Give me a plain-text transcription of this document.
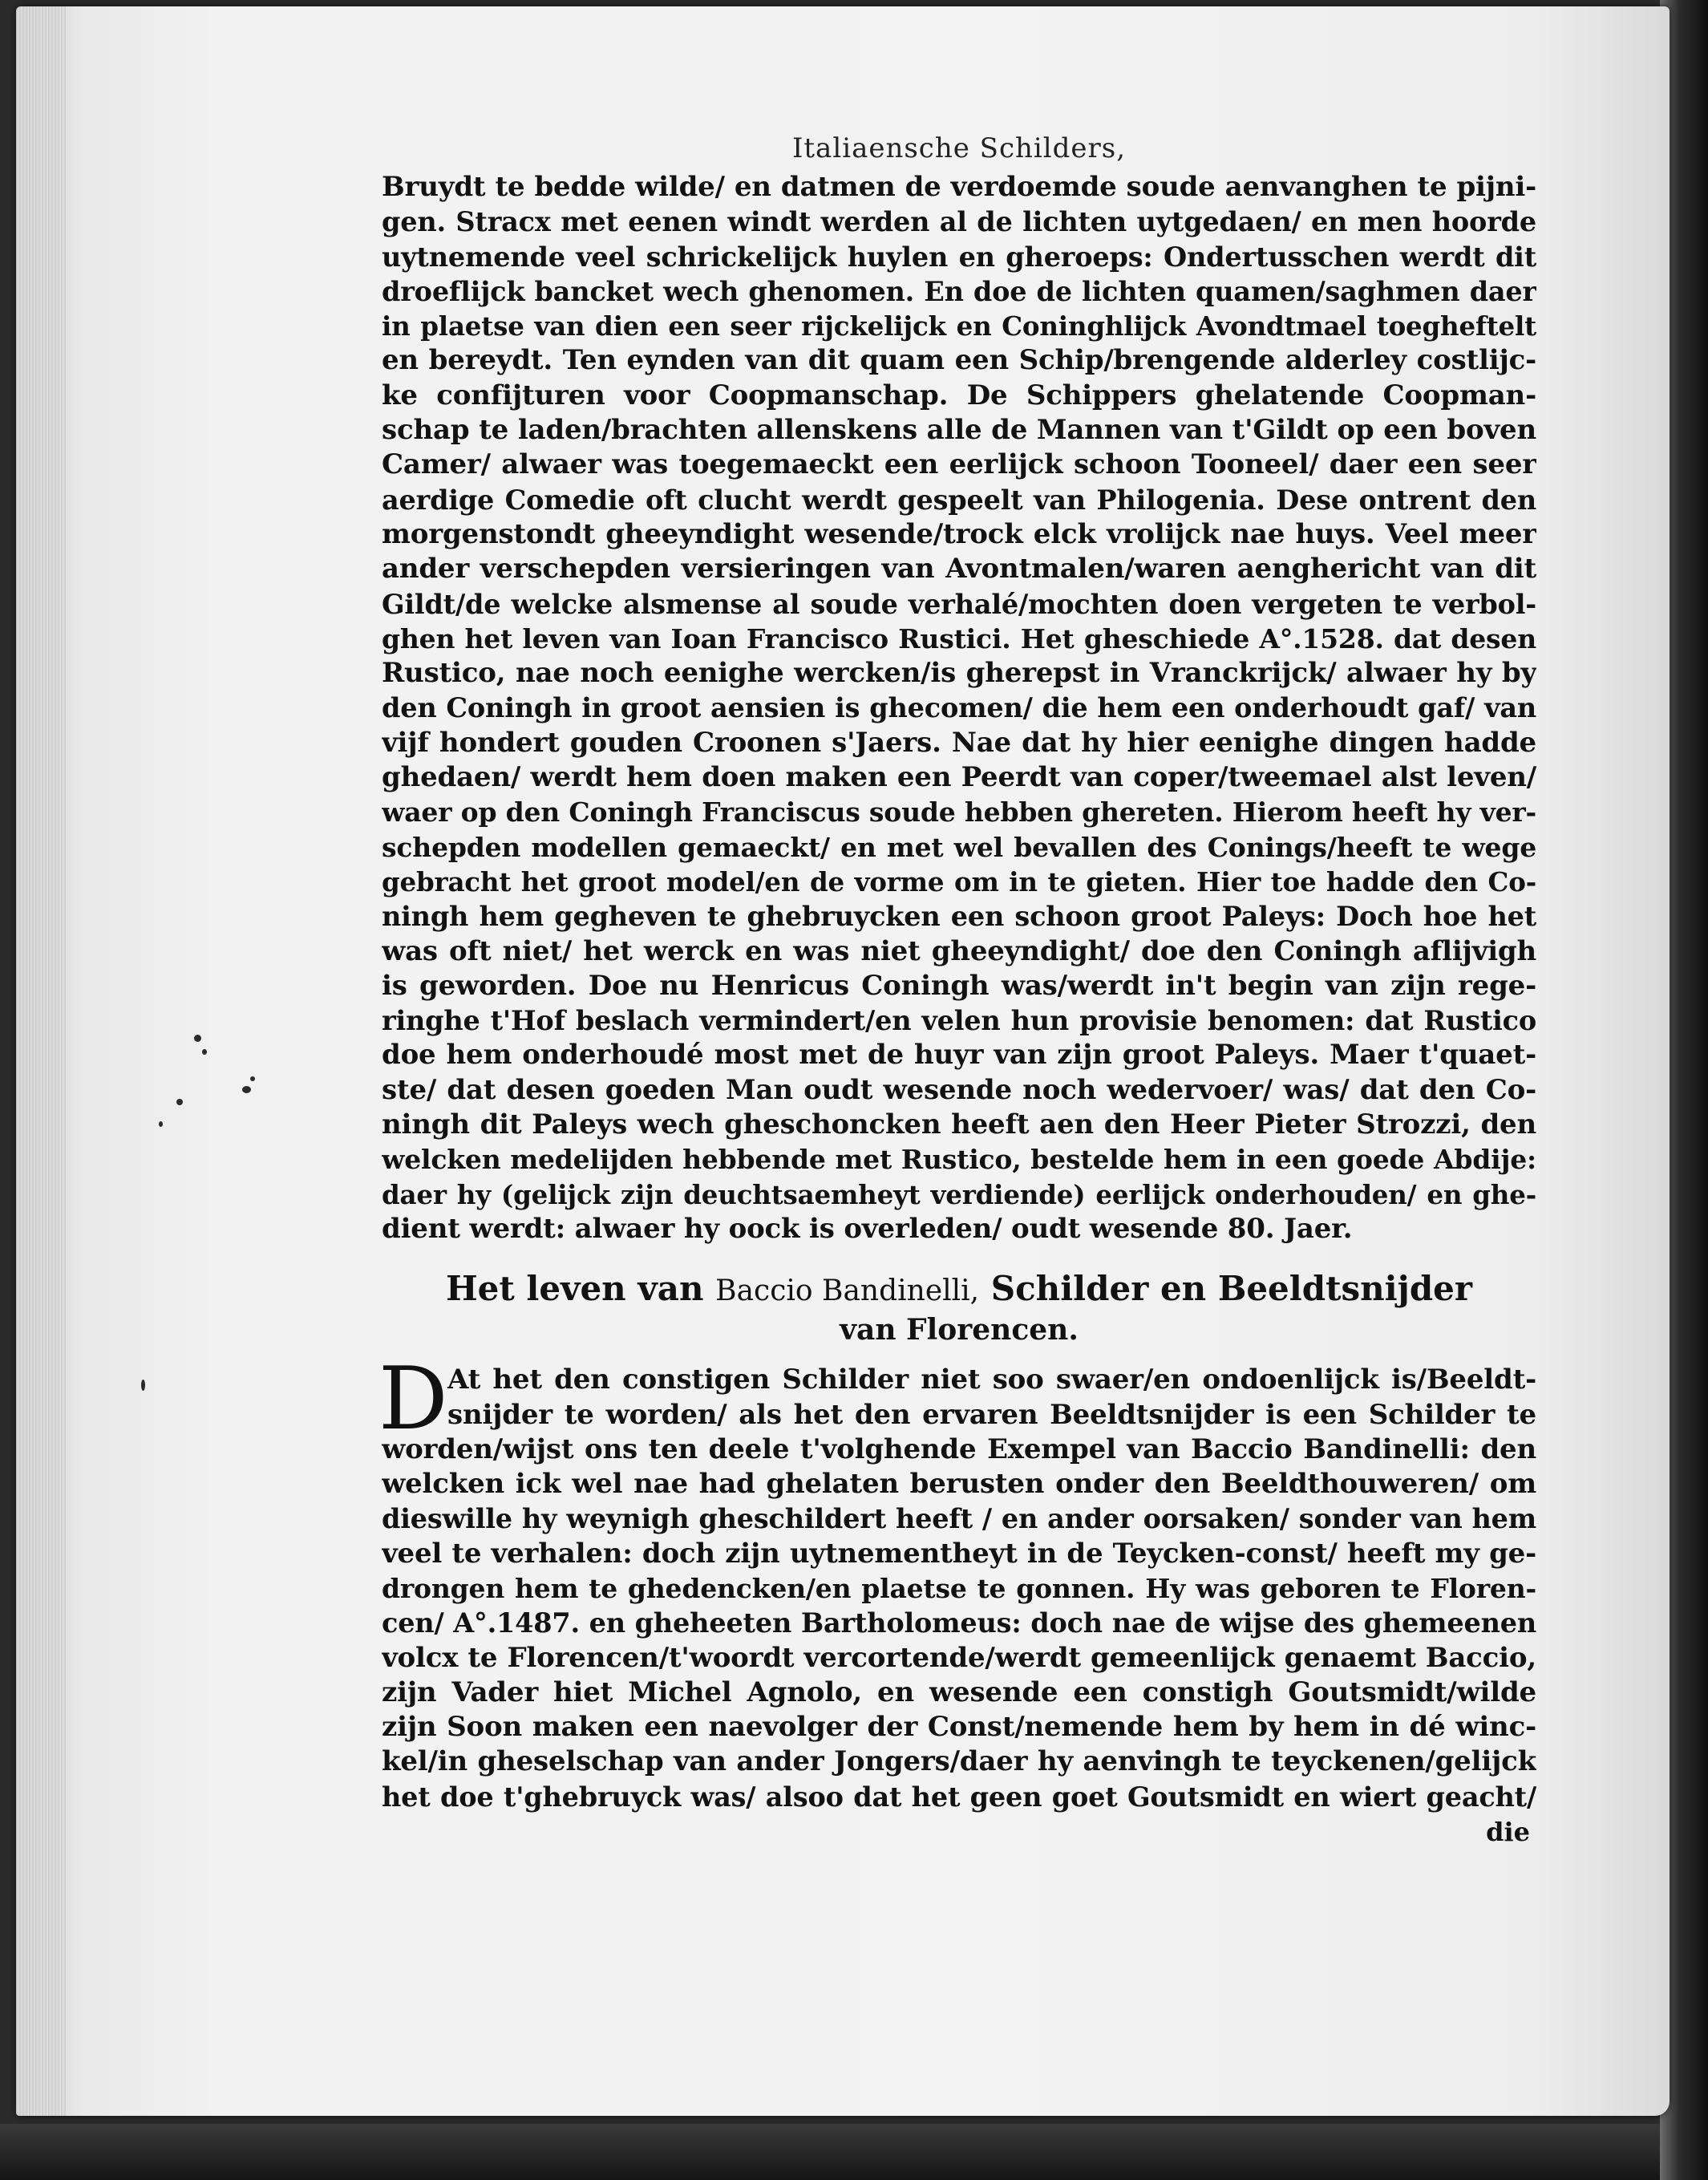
Italiaensche Schilders,
Bruydt te bedde wilde/ en datmen de verdoemde soude aenvanghen te pijni-
gen. Stracx met eenen windt werden al de lichten uytgedaen/ en men hoorde
uytnemende veel schrickelijck huylen en gheroeps: Ondertusschen werdt dit
droeflijck bancket wech ghenomen. En doe de lichten quamen/saghmen daer
in plaetse van dien een seer rijckelijck en Coninghlijck Avondtmael toegheftelt
en bereydt. Ten eynden van dit quam een Schip/brengende alderley costlijc-
ke confijturen voor Coopmanschap. De Schippers ghelatende Coopman-
schap te laden/brachten allenskens alle de Mannen van t'Gildt op een boven
Camer/ alwaer was toegemaeckt een eerlijck schoon Tooneel/ daer een seer
aerdige Comedie oft clucht werdt gespeelt van Philogenia. Dese ontrent den
morgenstondt gheeyndight wesende/trock elck vrolijck nae huys. Veel meer
ander verschepden versieringen van Avontmalen/waren aenghericht van dit
Gildt/de welcke alsmense al soude verhalé/mochten doen vergeten te verbol-
ghen het leven van Ioan Francisco Rustici. Het gheschiede A°.1528. dat desen
Rustico, nae noch eenighe wercken/is gherepst in Vranckrijck/ alwaer hy by
den Coningh in groot aensien is ghecomen/ die hem een onderhoudt gaf/ van
vijf hondert gouden Croonen s'Jaers. Nae dat hy hier eenighe dingen hadde
ghedaen/ werdt hem doen maken een Peerdt van coper/tweemael alst leven/
waer op den Coningh Franciscus soude hebben ghereten. Hierom heeft hy ver-
schepden modellen gemaeckt/ en met wel bevallen des Conings/heeft te wege
gebracht het groot model/en de vorme om in te gieten. Hier toe hadde den Co-
ningh hem gegheven te ghebruycken een schoon groot Paleys: Doch hoe het
was oft niet/ het werck en was niet gheeyndight/ doe den Coningh aflijvigh
is geworden. Doe nu Henricus Coningh was/werdt in't begin van zijn rege-
ringhe t'Hof beslach vermindert/en velen hun provisie benomen: dat Rustico
doe hem onderhoudé most met de huyr van zijn groot Paleys. Maer t'quaet-
ste/ dat desen goeden Man oudt wesende noch wedervoer/ was/ dat den Co-
ningh dit Paleys wech gheschoncken heeft aen den Heer Pieter Strozzi, den
welcken medelijden hebbende met Rustico, bestelde hem in een goede Abdije:
daer hy (gelijck zijn deuchtsaemheyt verdiende) eerlijck onderhouden/ en ghe-
dient werdt: alwaer hy oock is overleden/ oudt wesende 80. Jaer.
Het leven van Baccio Bandinelli, Schilder en Beeldtsnijder
van Florencen.
D At het den constigen Schilder niet soo swaer/en ondoenlijck is/Beeldt-
snijder te worden/ als het den ervaren Beeldtsnijder is een Schilder te
worden/wijst ons ten deele t'volghende Exempel van Baccio Bandinelli: den
welcken ick wel nae had ghelaten berusten onder den Beeldthouweren/ om
dieswille hy weynigh gheschildert heeft / en ander oorsaken/ sonder van hem
veel te verhalen: doch zijn uytnementheyt in de Teycken-const/ heeft my ge-
drongen hem te ghedencken/en plaetse te gonnen. Hy was geboren te Floren-
cen/ A°.1487. en gheheeten Bartholomeus: doch nae de wijse des ghemeenen
volcx te Florencen/t'woordt vercortende/werdt gemeenlijck genaemt Baccio,
zijn Vader hiet Michel Agnolo, en wesende een constigh Goutsmidt/wilde
zijn Soon maken een naevolger der Const/nemende hem by hem in dé winc-
kel/in gheselschap van ander Jongers/daer hy aenvingh te teyckenen/gelijck
het doe t'ghebruyck was/ alsoo dat het geen goet Goutsmidt en wiert geacht/
die
